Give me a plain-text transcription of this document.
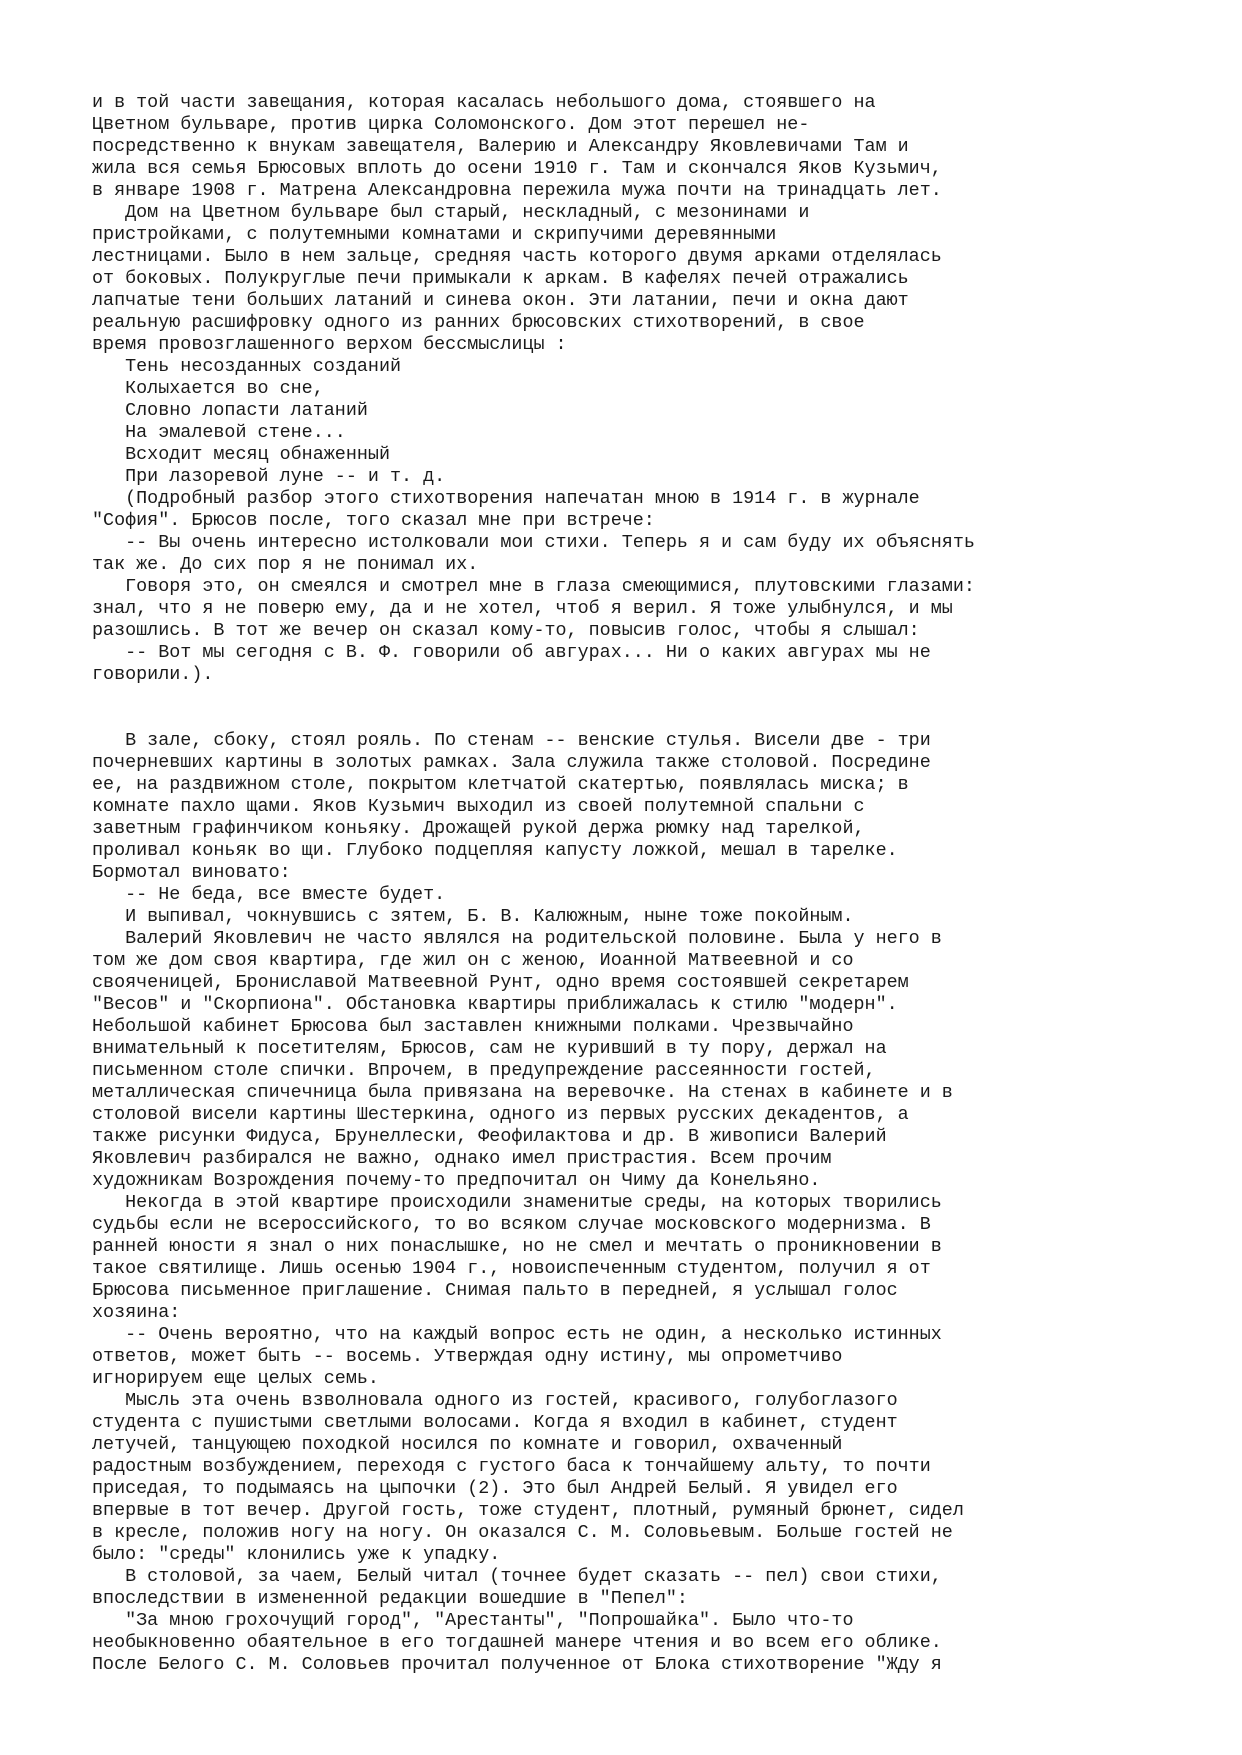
и в той части завещания, которая касалась небольшого дома, стоявшего на
Цветном бульваре, против цирка Соломонского. Дом этот перешел не-
посредственно к внукам завещателя, Валерию и Александру Яковлевичами Там и
жила вся семья Брюсовых вплоть до осени 1910 г. Там и скончался Яков Кузьмич,
в январе 1908 г. Матрена Александровна пережила мужа почти на тринадцать лет.
Дом на Цветном бульваре был старый, нескладный, с мезонинами и
пристройками, с полутемными комнатами и скрипучими деревянными
лестницами. Было в нем зальце, средняя часть которого двумя арками отделялась
от боковых. Полукруглые печи примыкали к аркам. В кафелях печей отражались
лапчатые тени больших латаний и синева окон. Эти латании, печи и окна дают
реальную расшифровку одного из ранних брюсовских стихотворений, в свое
время провозглашенного верхом бессмыслицы :
Тень несозданных созданий
Колыхается во сне,
Словно лопасти латаний
На эмалевой стене...
Всходит месяц обнаженный
При лазоревой луне -- и т. д.
(Подробный разбор этого стихотворения напечатан мною в 1914 г. в журнале
"София". Брюсов после, того сказал мне при встрече:
-- Вы очень интересно истолковали мои стихи. Теперь я и сам буду их объяснять
так же. До сих пор я не понимал их.
Говоря это, он смеялся и смотрел мне в глаза смеющимися, плутовскими глазами:
знал, что я не поверю ему, да и не хотел, чтоб я верил. Я тоже улыбнулся, и мы
разошлись. В тот же вечер он сказал кому-то, повысив голос, чтобы я слышал:
-- Вот мы сегодня с В. Ф. говорили об авгурах... Ни о каких авгурах мы не
говорили.).
В зале, сбоку, стоял рояль. По стенам -- венские стулья. Висели две - три
почерневших картины в золотых рамках. Зала служила также столовой. Посредине
ее, на раздвижном столе, покрытом клетчатой скатертью, появлялась миска; в
комнате пахло щами. Яков Кузьмич выходил из своей полутемной спальни с
заветным графинчиком коньяку. Дрожащей рукой держа рюмку над тарелкой,
проливал коньяк во щи. Глубоко подцепляя капусту ложкой, мешал в тарелке.
Бормотал виновато:
-- Не беда, все вместе будет.
И выпивал, чокнувшись с зятем, Б. В. Калюжным, ныне тоже покойным.
Валерий Яковлевич не часто являлся на родительской половине. Была у него в
том же дом своя квартира, где жил он с женою, Иоанной Матвеевной и со
свояченицей, Брониславой Матвеевной Рунт, одно время состоявшей секретарем
"Весов" и "Скорпиона". Обстановка квартиры приближалась к стилю "модерн".
Небольшой кабинет Брюсова был заставлен книжными полками. Чрезвычайно
внимательный к посетителям, Брюсов, сам не куривший в ту пору, держал на
письменном столе спички. Впрочем, в предупреждение рассеянности гостей,
металлическая спичечница была привязана на веревочке. На стенах в кабинете и в
столовой висели картины Шестеркина, одного из первых русских декадентов, а
также рисунки Фидуса, Брунеллески, Феофилактова и др. В живописи Валерий
Яковлевич разбирался не важно, однако имел пристрастия. Всем прочим
художникам Возрождения почему-то предпочитал он Чиму да Конельяно.
Некогда в этой квартире происходили знаменитые среды, на которых творились
судьбы если не всероссийского, то во всяком случае московского модернизма. В
ранней юности я знал о них понаслышке, но не смел и мечтать о проникновении в
такое святилище. Лишь осенью 1904 г., новоиспеченным студентом, получил я от
Брюсова письменное приглашение. Снимая пальто в передней, я услышал голос
хозяина:
-- Очень вероятно, что на каждый вопрос есть не один, а несколько истинных
ответов, может быть -- восемь. Утверждая одну истину, мы опрометчиво
игнорируем еще целых семь.
Мысль эта очень взволновала одного из гостей, красивого, голубоглазого
студента с пушистыми светлыми волосами. Когда я входил в кабинет, студент
летучей, танцующею походкой носился по комнате и говорил, охваченный
радостным возбуждением, переходя с густого баса к тончайшему альту, то почти
приседая, то подымаясь на цыпочки (2). Это был Андрей Белый. Я увидел его
впервые в тот вечер. Другой гость, тоже студент, плотный, румяный брюнет, сидел
в кресле, положив ногу на ногу. Он оказался С. М. Соловьевым. Больше гостей не
было: "среды" клонились уже к упадку.
В столовой, за чаем, Белый читал (точнее будет сказать -- пел) свои стихи,
впоследствии в измененной редакции вошедшие в "Пепел":
"За мною грохочущий город", "Арестанты", "Попрошайка". Было что-то
необыкновенно обаятельное в его тогдашней манере чтения и во всем его облике.
После Белого С. М. Соловьев прочитал полученное от Блока стихотворение "Жду я
